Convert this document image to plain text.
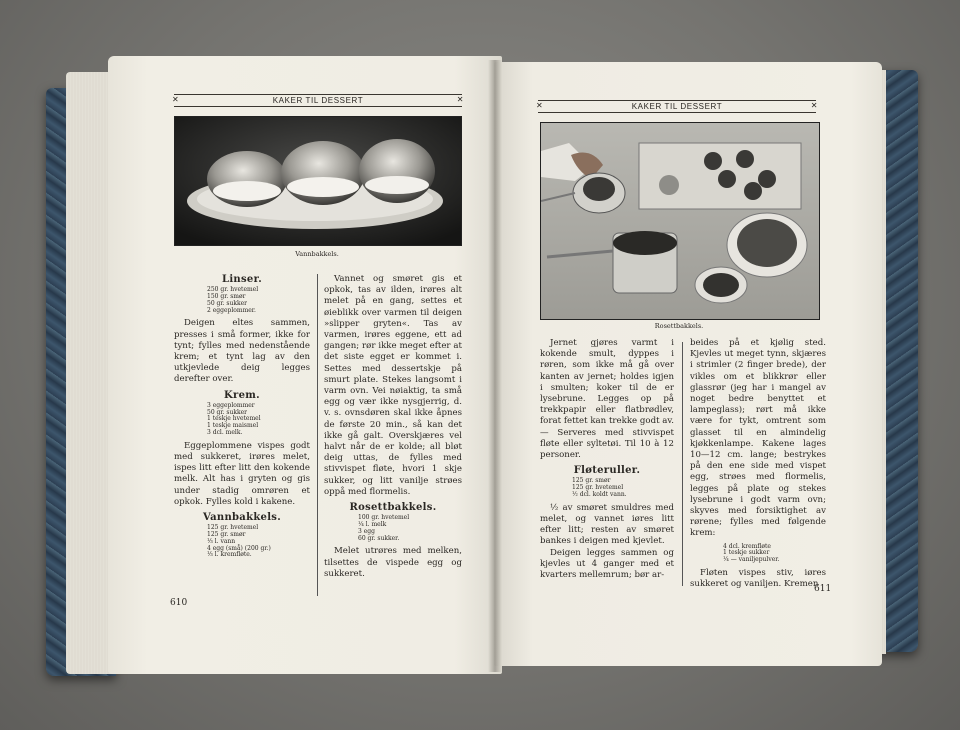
✕	KAKER TIL DESSERT	✕
Vannbakkels.
Linser.
250 gr. hvetemel
150 gr. smør
50 gr. sukker
2 eggeplommer.

Deigen eltes sammen, presses i små former, ikke for tynt; fylles med nedenstående krem; et tynt lag av den utkjevlede deig legges derefter over.

Krem.
3 eggeplommer
50 gr. sukker
1 teskje hvetemel
1 teskje maismel
3 dcl. melk.

Eggeplommene vispes godt med sukkeret, irøres melet, ispes litt efter litt den kokende melk. Alt has i gryten og gis under stadig omrøren et opkok. Fylles kold i kakene.

Vannbakkels.
125 gr. hvetemel
125 gr. smør
⅓ l. vann
4 egg (små) (200 gr.)
⅓ l. kremfløte.

Vannet og smøret gis et opkok, tas av ilden, irøres alt melet på en gang, settes et øieblikk over varmen til deigen »slipper gryten«. Tas av varmen, irøres eggene, ett ad gangen; rør ikke meget efter at det siste egget er kommet i. Settes med dessertskje på smurt plate. Stekes langsomt i varm ovn. Vei nøiaktig, ta små egg og vær ikke nysgjerrig, d. v. s. ovnsdøren skal ikke åpnes de første 20 min., så kan det ikke gå galt. Overskjæres vel halvt når de er kolde; all bløt deig uttas, de fylles med stivvispet fløte, hvori 1 skje sukker, og litt vanilje strøes oppå med flormelis.

Rosettbakkels.
100 gr. hvetemel
¼ l. melk
3 egg
60 gr. sukker.

Melet utrøres med melken, tilsettes de vispede egg og sukkeret.

610
✕	KAKER TIL DESSERT	✕
Rosettbakkels.

Jernet gjøres varmt i kokende smult, dyppes i røren, som ikke må gå over kanten av jernet; holdes igjen i smulten; koker til de er lysebrune. Legges op på trekkpapir eller flatbrødlev, forat fettet kan trekke godt av. — Serveres med stivvispet fløte eller syltetøi. Til 10 à 12 personer.

Fløteruller.
125 gr. smør
125 gr. hvetemel
½ dcl. koldt vann.

½ av smøret smuldres med melet, og vannet iøres litt efter litt; resten av smøret bankes i deigen med kjevlet.

Deigen legges sammen og kjevles ut 4 ganger med et kvarters mellemrum; bør ar-

beides på et kjølig sted. Kjevles ut meget tynn, skjæres i strimler (2 finger brede), der vikles om et blikkrør eller glassrør (jeg har i mangel av noget bedre benyttet et lampeglass); rørt må ikke være for tykt, omtrent som glasset til en almindelig kjøkkenlampe. Kakene lages 10—12 cm. lange; bestrykes på den ene side med vispet egg, strøes med flormelis, legges på plate og stekes lysebrune i godt varm ovn; skyves med forsiktighet av rørene; fylles med følgende krem:

4 dcl. kremfløte
1 teskje sukker
¼ — vaniljepulver.

Fløten vispes stiv, iøres sukkeret og vaniljen. Kremen

611
